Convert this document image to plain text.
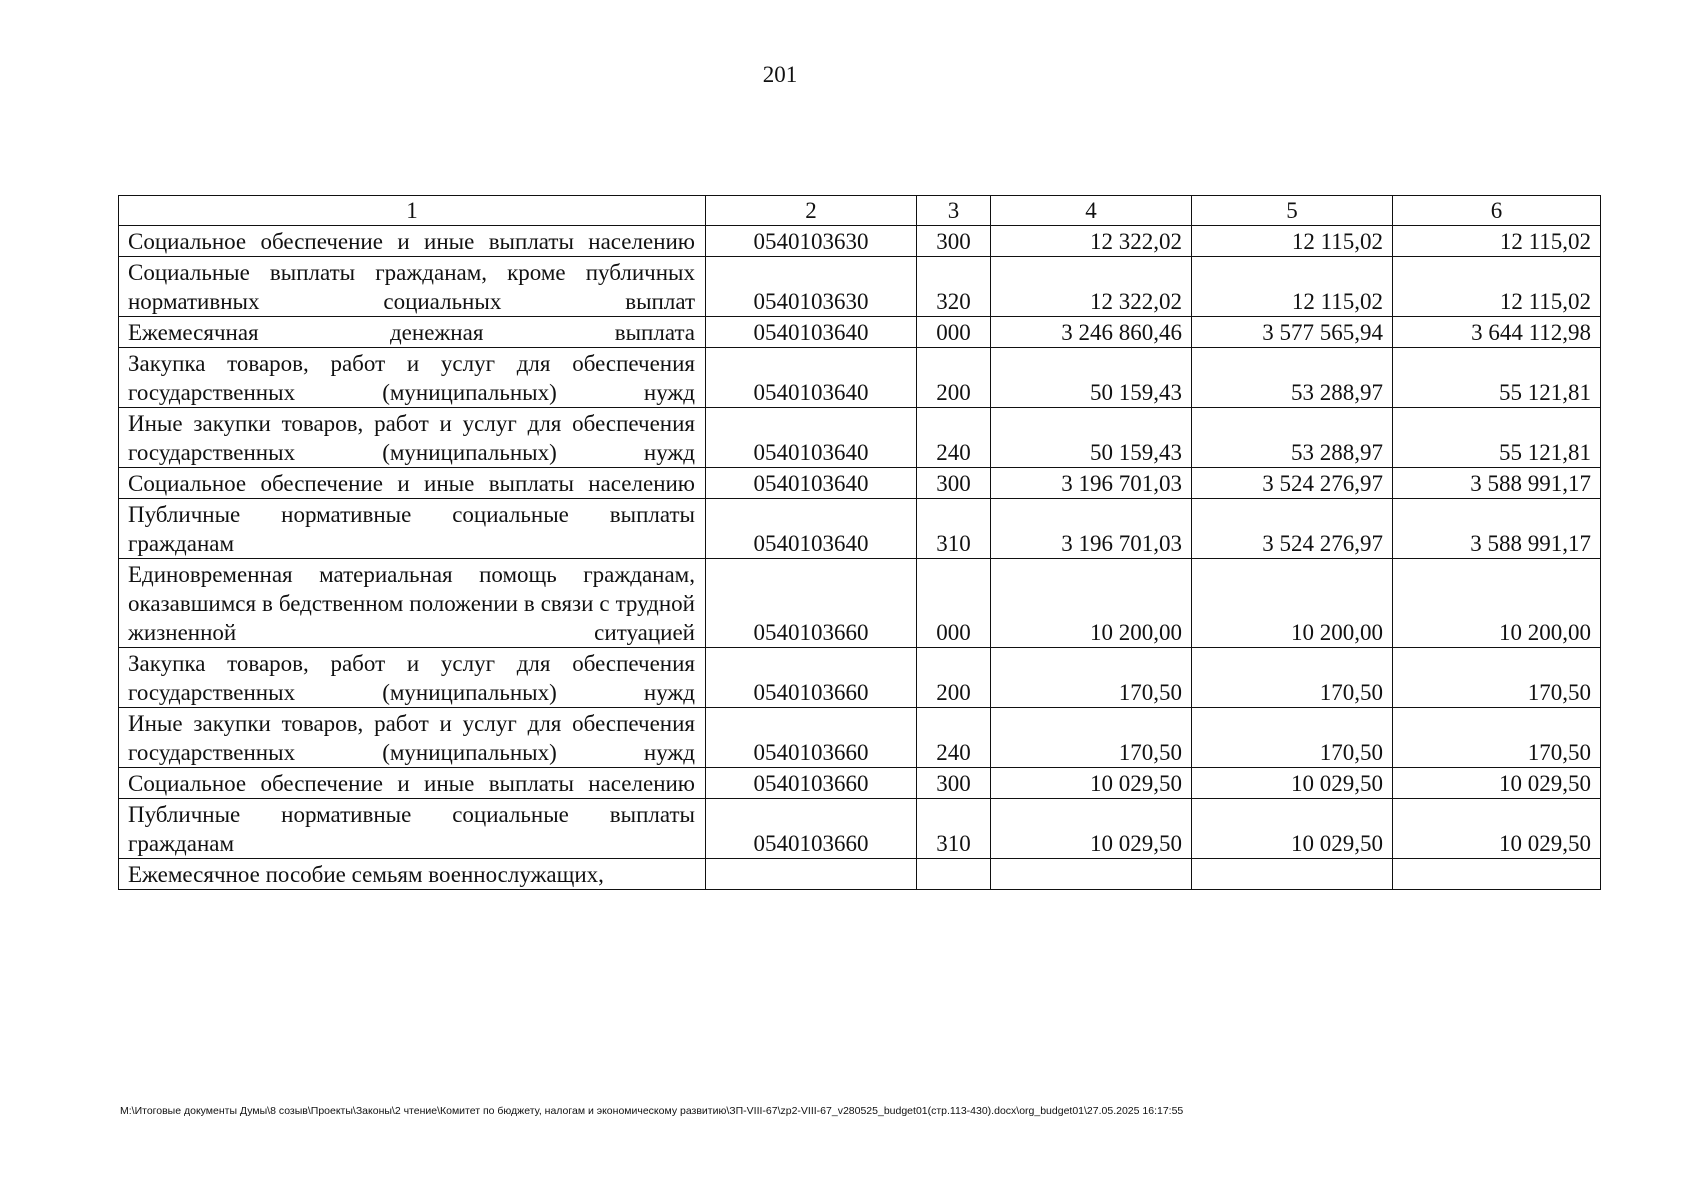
201
1	2	3	4	5	6
Социальное обеспечение и иные выплаты населению	0540103630	300	12 322,02	12 115,02	12 115,02
Социальные выплаты гражданам, кроме публичных нормативных социальных выплат	0540103630	320	12 322,02	12 115,02	12 115,02
Ежемесячная денежная выплата	0540103640	000	3 246 860,46	3 577 565,94	3 644 112,98
Закупка товаров, работ и услуг для обеспечения государственных (муниципальных) нужд	0540103640	200	50 159,43	53 288,97	55 121,81
Иные закупки товаров, работ и услуг для обеспечения государственных (муниципальных) нужд	0540103640	240	50 159,43	53 288,97	55 121,81
Социальное обеспечение и иные выплаты населению	0540103640	300	3 196 701,03	3 524 276,97	3 588 991,17
Публичные нормативные социальные выплаты гражданам	0540103640	310	3 196 701,03	3 524 276,97	3 588 991,17
Единовременная материальная помощь гражданам, оказавшимся в бедственном положении в связи с трудной жизненной ситуацией	0540103660	000	10 200,00	10 200,00	10 200,00
Закупка товаров, работ и услуг для обеспечения государственных (муниципальных) нужд	0540103660	200	170,50	170,50	170,50
Иные закупки товаров, работ и услуг для обеспечения государственных (муниципальных) нужд	0540103660	240	170,50	170,50	170,50
Социальное обеспечение и иные выплаты населению	0540103660	300	10 029,50	10 029,50	10 029,50
Публичные нормативные социальные выплаты гражданам	0540103660	310	10 029,50	10 029,50	10 029,50
Ежемесячное пособие семьям военнослужащих,					
M:\Итоговые документы Думы\8 созыв\Проекты\Законы\2 чтение\Комитет по бюджету, налогам и экономическому развитию\ЗП-VIII-67\zp2-VIII-67_v280525_budget01(стр.113-430).docx\org_budget01\27.05.2025 16:17:55
